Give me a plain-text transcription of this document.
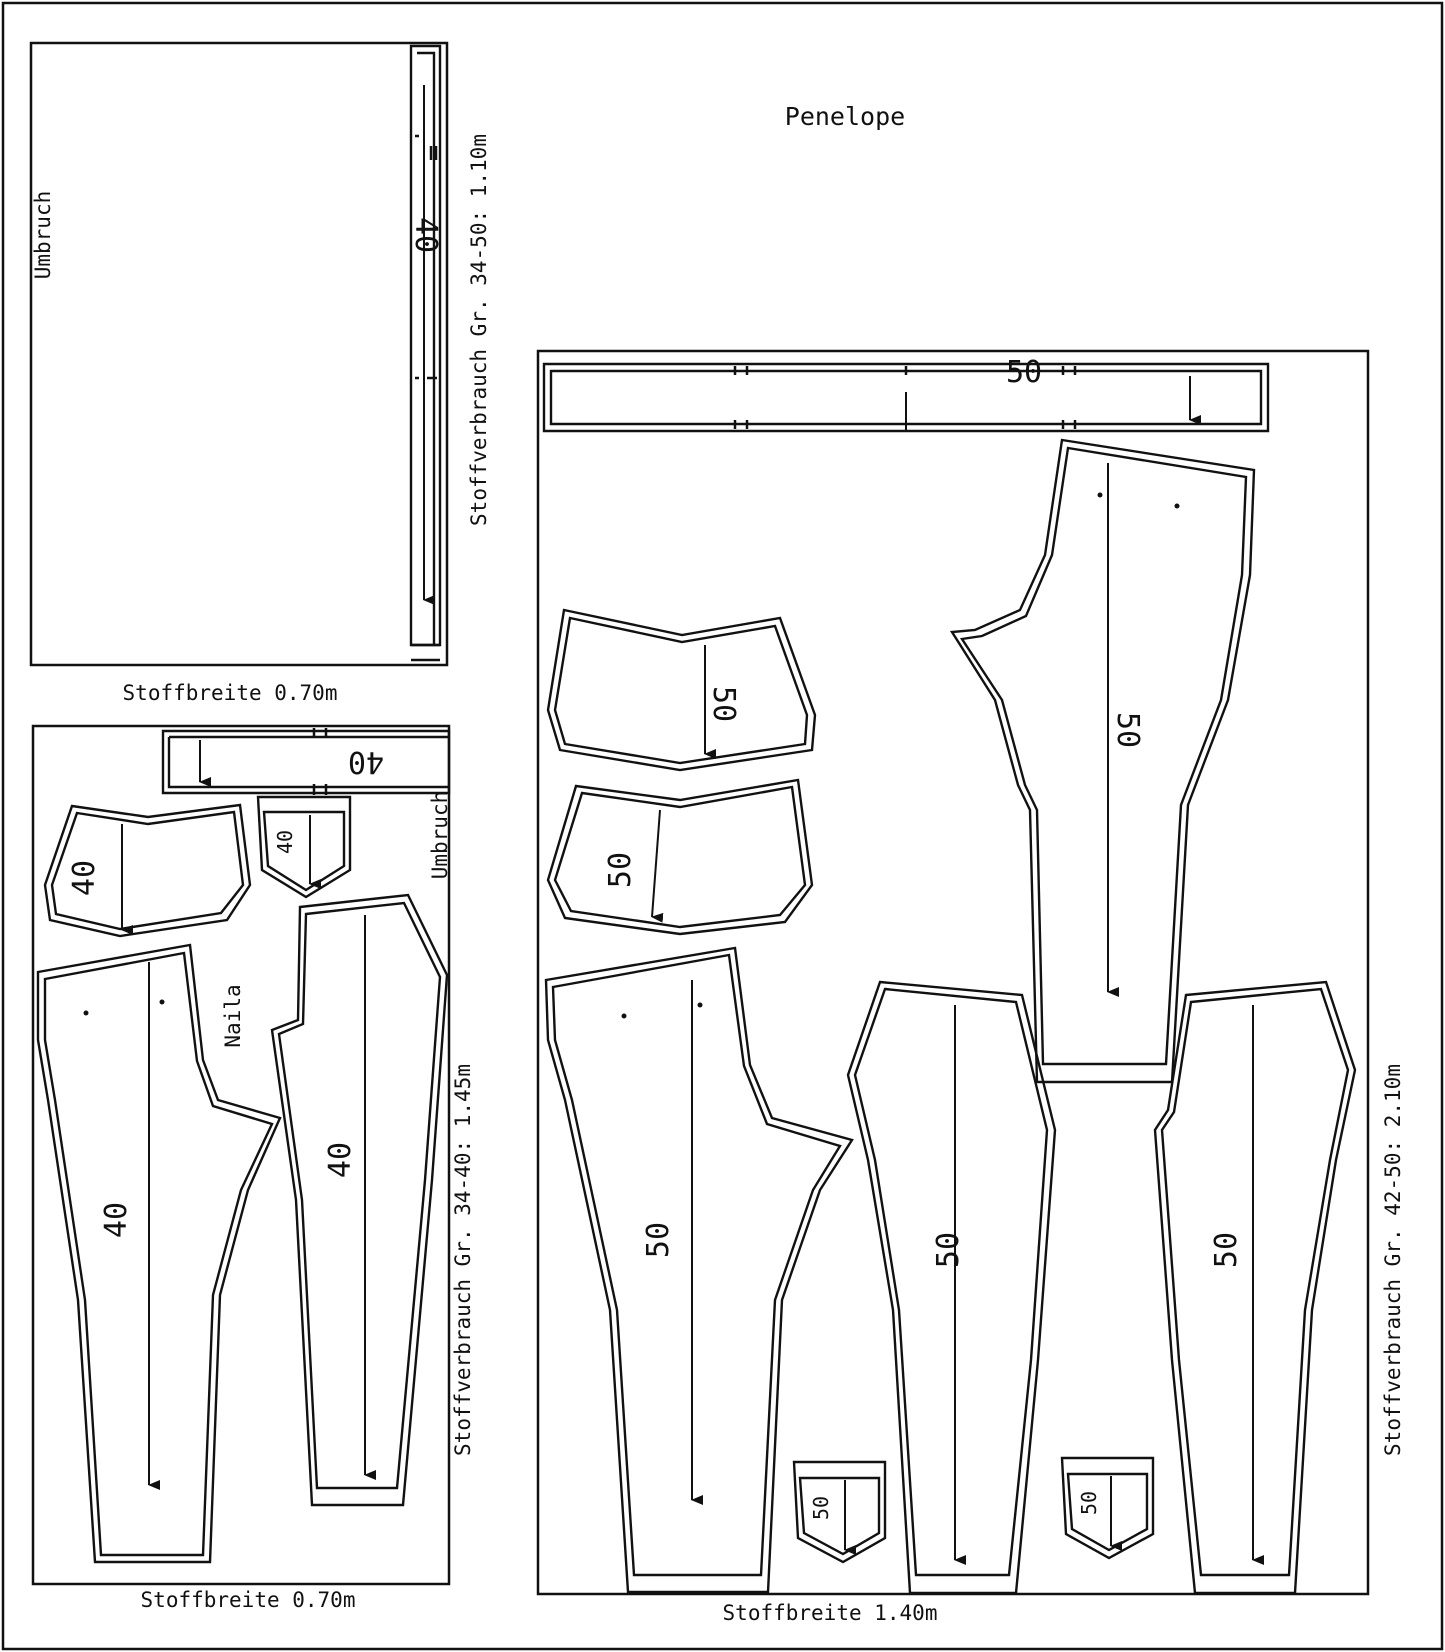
Penelope
40
Umbruch	Stoffverbrauch Gr. 34-50: 1.10m
Stoffbreite 0.70m
40
40
40	Umbruch
40
Naila
40	Stoffverbrauch Gr. 34-40: 1.45m
Stoffbreite 0.70m
50
50
50
50
50
50	50
50	50
Stoffverbrauch Gr. 42-50: 2.10m
Stoffbreite 1.40m
